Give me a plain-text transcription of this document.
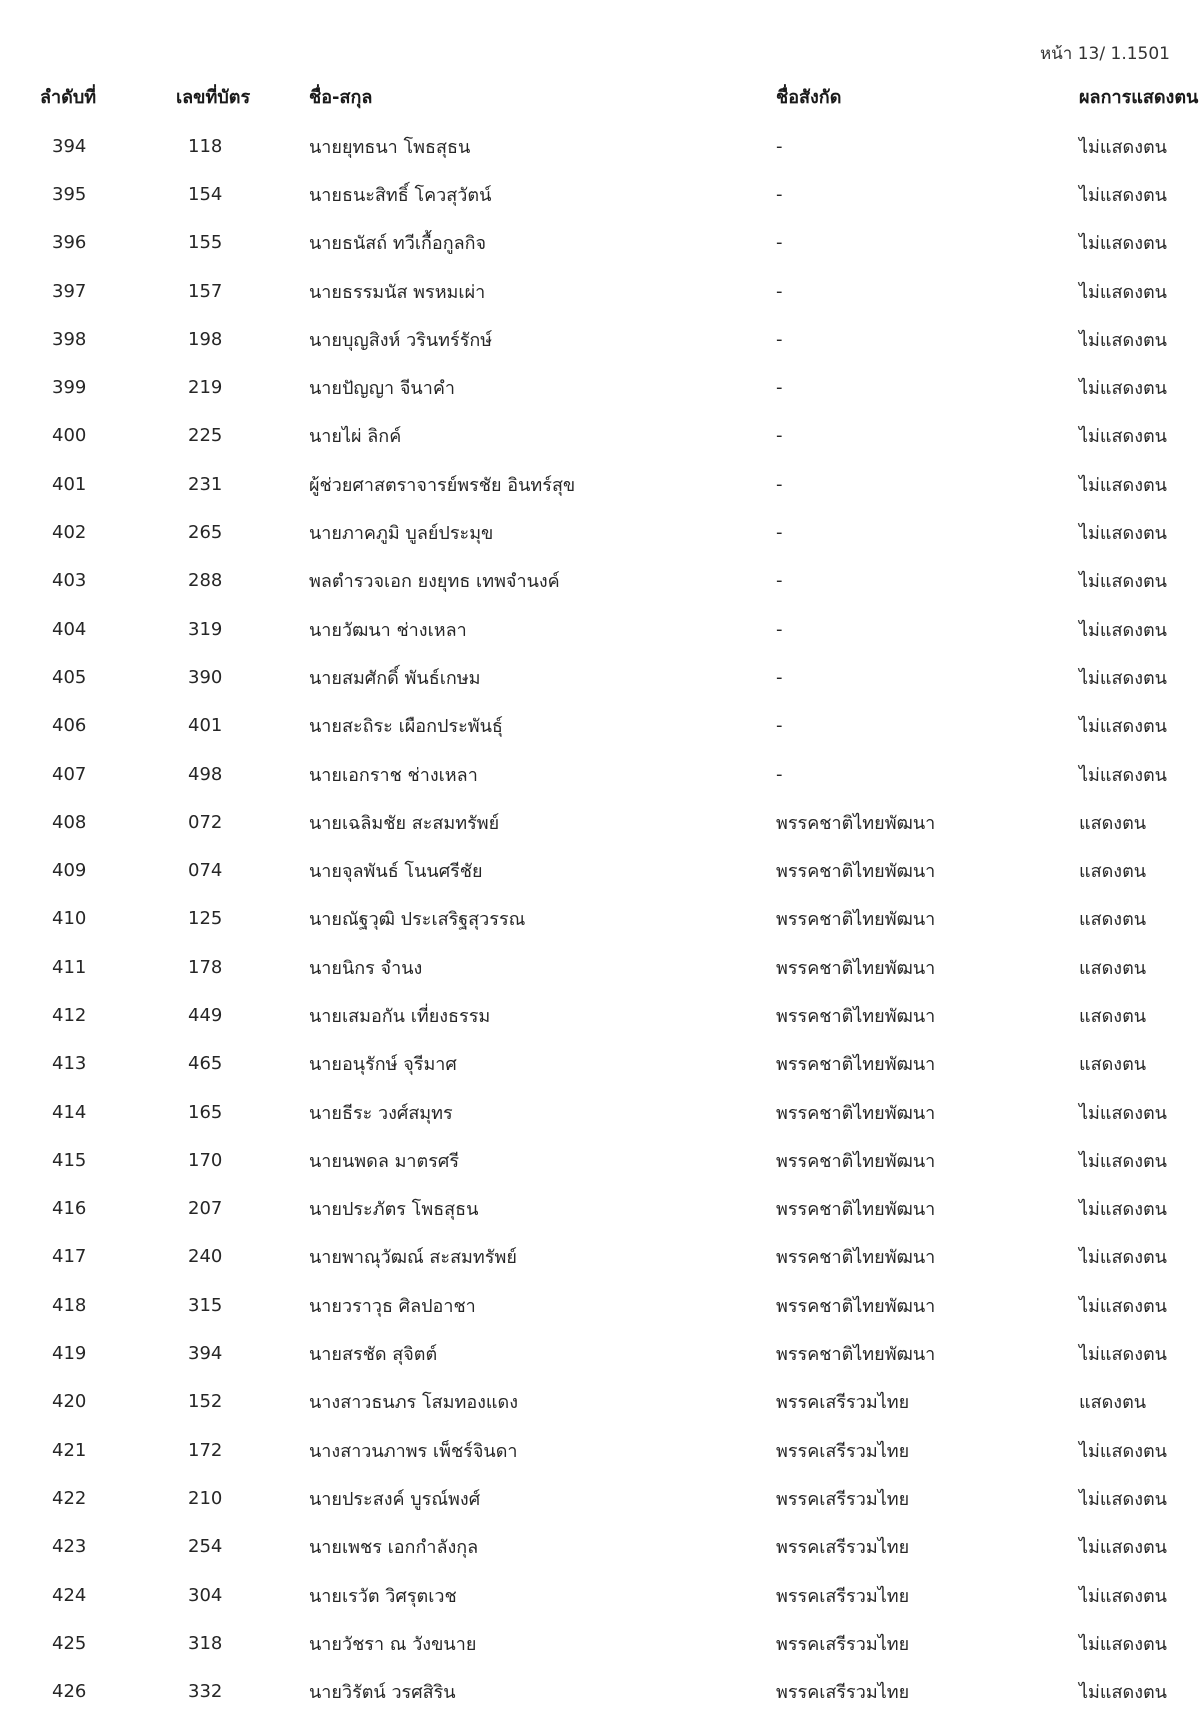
หน้า 13/ 1.1501
ลำดับที่	เลขที่บัตร	ชื่อ-สกุล	ชื่อสังกัด	ผลการแสดงตน
394	118	นายยุทธนา โพธสุธน	-	ไม่แสดงตน
395	154	นายธนะสิทธิ์ โควสุวัตน์	-	ไม่แสดงตน
396	155	นายธนัสถ์ ทวีเกื้อกูลกิจ	-	ไม่แสดงตน
397	157	นายธรรมนัส พรหมเผ่า	-	ไม่แสดงตน
398	198	นายบุญสิงห์ วรินทร์รักษ์	-	ไม่แสดงตน
399	219	นายปัญญา จีนาคำ	-	ไม่แสดงตน
400	225	นายไผ่ ลิกค์	-	ไม่แสดงตน
401	231	ผู้ช่วยศาสตราจารย์พรชัย อินทร์สุข	-	ไม่แสดงตน
402	265	นายภาคภูมิ บูลย์ประมุข	-	ไม่แสดงตน
403	288	พลตำรวจเอก ยงยุทธ เทพจำนงค์	-	ไม่แสดงตน
404	319	นายวัฒนา ช่างเหลา	-	ไม่แสดงตน
405	390	นายสมศักดิ์ พันธ์เกษม	-	ไม่แสดงตน
406	401	นายสะถิระ เผือกประพันธุ์	-	ไม่แสดงตน
407	498	นายเอกราช ช่างเหลา	-	ไม่แสดงตน
408	072	นายเฉลิมชัย สะสมทรัพย์	พรรคชาติไทยพัฒนา	แสดงตน
409	074	นายจุลพันธ์ โนนศรีชัย	พรรคชาติไทยพัฒนา	แสดงตน
410	125	นายณัฐวุฒิ ประเสริฐสุวรรณ	พรรคชาติไทยพัฒนา	แสดงตน
411	178	นายนิกร จำนง	พรรคชาติไทยพัฒนา	แสดงตน
412	449	นายเสมอกัน เที่ยงธรรม	พรรคชาติไทยพัฒนา	แสดงตน
413	465	นายอนุรักษ์ จุรีมาศ	พรรคชาติไทยพัฒนา	แสดงตน
414	165	นายธีระ วงศ์สมุทร	พรรคชาติไทยพัฒนา	ไม่แสดงตน
415	170	นายนพดล มาตรศรี	พรรคชาติไทยพัฒนา	ไม่แสดงตน
416	207	นายประภัตร โพธสุธน	พรรคชาติไทยพัฒนา	ไม่แสดงตน
417	240	นายพาณุวัฒณ์ สะสมทรัพย์	พรรคชาติไทยพัฒนา	ไม่แสดงตน
418	315	นายวราวุธ ศิลปอาชา	พรรคชาติไทยพัฒนา	ไม่แสดงตน
419	394	นายสรชัด สุจิตต์	พรรคชาติไทยพัฒนา	ไม่แสดงตน
420	152	นางสาวธนภร โสมทองแดง	พรรคเสรีรวมไทย	แสดงตน
421	172	นางสาวนภาพร เพ็ชร์จินดา	พรรคเสรีรวมไทย	ไม่แสดงตน
422	210	นายประสงค์ บูรณ์พงศ์	พรรคเสรีรวมไทย	ไม่แสดงตน
423	254	นายเพชร เอกกำลังกุล	พรรคเสรีรวมไทย	ไม่แสดงตน
424	304	นายเรวัต วิศรุตเวช	พรรคเสรีรวมไทย	ไม่แสดงตน
425	318	นายวัชรา ณ วังขนาย	พรรคเสรีรวมไทย	ไม่แสดงตน
426	332	นายวิรัตน์ วรศสิริน	พรรคเสรีรวมไทย	ไม่แสดงตน
